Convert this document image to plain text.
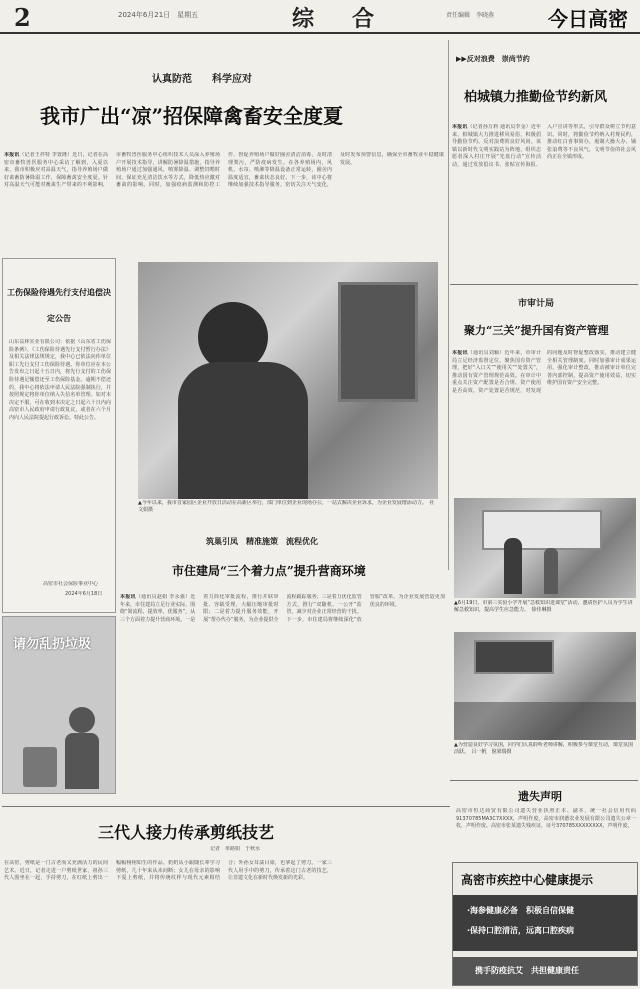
2	2024年6月21日　星期五	综　合	责任编辑　李晓燕	今日高密
认真防范　　科学应对
我市广出“凉”招保障禽畜安全度夏
本报讯（记者王祥特 李置隆）近日，记者在高密市畜牧兽医服务中心采访了解到，入夏以来，我市积极应对高温天气，指导养殖场户做好禽畜防暑降温工作，保障畜禽安全度夏。针对高温天气可能对畜禽生产带来的不利影响，市畜牧兽医服务中心组织技术人员深入养殖场户开展技术指导，讲解防暑降温措施，指导养殖场户通过加强通风、喷雾降温、调整饲喂时间、保证充足清洁饮水等方式，降低热应激对畜禽的影响。同时，加强疫病监测和防控工作，督促养殖场户做好圈舍清洁消毒，及时清理粪污，严防疫病发生。在各养殖场内，风机、水帘、喷淋等降温设备正常运转，圈舍内温度适宜，畜禽状态良好。下一步，该中心将继续加强技术指导服务，密切关注天气变化，及时发布预警信息，确保全市畜牧业平稳健康发展。
工伤保险待遇先行支付追偿决定公告
山东益林实业有限公司：依据《山东省工伤保险条例》、《工伤保险待遇先行支付暂行办法》及相关法律法规规定，我中心已依法向你单位职工先行支付工伤保险待遇。你单位应在本公告发布之日起十五日内，将先行支付的工伤保险待遇足额偿还至工伤保险基金。逾期不偿还的，我中心将依法申请人民法院强制执行，并按照规定将你单位纳入失信名单管理。如对本决定不服，可在收到本决定之日起六十日内向高密市人民政府申请行政复议，或者在六个月内向人民法院提起行政诉讼。特此公告。
高密市社会保险事业中心
2024年6月18日
▲今年以来，我市首家园区企业开放日活动在高新区举行，部门单位到企业现场办公，一站式解决企业诉求，为企业发展增添动力。　社文娟摄
筑巢引凤　精准施策　流程优化
市住建局“三个着力点”提升营商环境
本报讯（通讯员赵娟 李永强）近年来，市住建局立足行业实际，围绕“简流程、提效率、优服务”，从三个方面着力提升营商环境。一是着力简化审批流程，推行并联审批、容缺受理，大幅压缩审批时限；二是着力提升服务效能，开展“帮办代办”服务，为企业提供全流程跟踪服务；三是着力优化监管方式，推行“双随机、一公开”监管，减少对企业正常经营的干扰。下一步，市住建局将继续深化“放管服”改革，为企业发展营造更加优良的环境。
请勿乱扔垃圾
三代人接力传承剪纸技艺
记者　单路娟　于秋水
在高密，剪纸是一门古老而又充满活力的民间艺术。近日，记者走进一户剪纸世家，祖孙三代人围坐在一起，手持剪刀，在红纸上剪出一幅幅栩栩如生的作品。奶奶从小跟随长辈学习剪纸，几十年来从未间断；女儿在母亲的影响下爱上剪纸，并将传统纹样与现代元素相结合；外孙女耳濡目染，也拿起了剪刀。一家三代人用手中的剪刀，传承着这门古老的技艺，让非遗文化在新时代焕发新的光彩。
▶▶反对浪费　崇尚节约
柏城镇力推勤俭节约新风
本报讯（记者孙万莉 通讯员李金）近年来，柏城镇大力推进移风易俗，积极倡导勤俭节约、反对浪费的良好风尚。该镇以新时代文明实践站为阵地，组织志愿者深入村庄开展“光盘行动”宣传活动，通过发放倡议书、张贴宣传海报、入户宣讲等形式，引导群众树立节约意识。同时，将勤俭节约纳入村规民约，推动红白喜事简办，遏制大操大办、铺张浪费等不良风气，文明节俭的社会风尚正在全镇形成。
市审计局
聚力“三关”提升国有资产管理
本报讯（通讯员刘颖）近年来，市审计局立足经济监督定位，聚焦国有资产管理，把好“入口关”“使用关”“处置关”，推动国有资产管理规范高效。在审计中重点关注资产配置是否合规、资产使用是否高效、资产处置是否规范，对发现的问题及时督促整改落实，推动建立健全相关管理制度。同时加强审计成果运用，强化审计整改，推动被审计单位完善内部控制，提高资产使用效益，切实维护国有资产安全完整。
▲6月19日，市第三实验小学开展“急救知识进课堂”活动，邀请医护人员为学生讲解急救知识，提高学生应急能力。　徐佳琳摄
▲为营造良好学习氛围，同学们认真聆听老师讲解，积极参与课堂互动，课堂氛围活跃。　吕一帆　倪梁瑞摄
遗失声明
高密市恒达商贸有限公司遗失营业执照正本、副本，统一社会信用代码91370785MA3C7XXXX，声明作废。高密市润德农业发展有限公司遗失公章一枚，声明作废。高密市张某遗失残疾证，证号370785XXXXXXXX，声明作废。
高密市疾控中心健康提示
·海参健康必备　积极自信保健
·保持口腔清洁，远离口腔疾病
携手防疫抗艾　共担健康责任
